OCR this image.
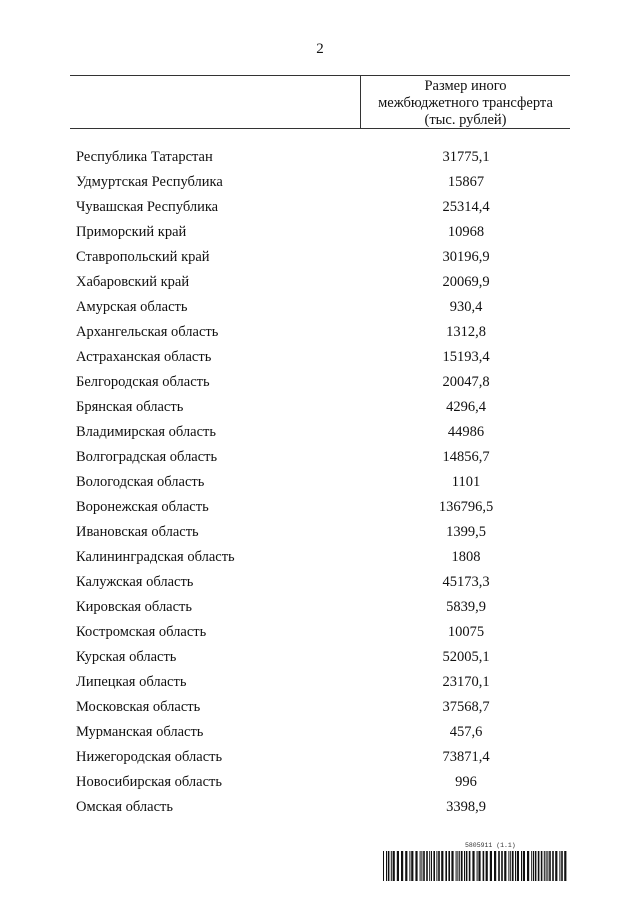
2
Размер иного
межбюджетного трансферта
(тыс. рублей)
Республика Татарстан	31775,1
Удмуртская Республика	15867
Чувашская Республика	25314,4
Приморский край	10968
Ставропольский край	30196,9
Хабаровский край	20069,9
Амурская область	930,4
Архангельская область	1312,8
Астраханская область	15193,4
Белгородская область	20047,8
Брянская область	4296,4
Владимирская область	44986
Волгоградская область	14856,7
Вологодская область	1101
Воронежская область	136796,5
Ивановская область	1399,5
Калининградская область	1808
Калужская область	45173,3
Кировская область	5839,9
Костромская область	10075
Курская область	52005,1
Липецкая область	23170,1
Московская область	37568,7
Мурманская область	457,6
Нижегородская область	73871,4
Новосибирская область	996
Омская область	3398,9
5805911 (1.1)
